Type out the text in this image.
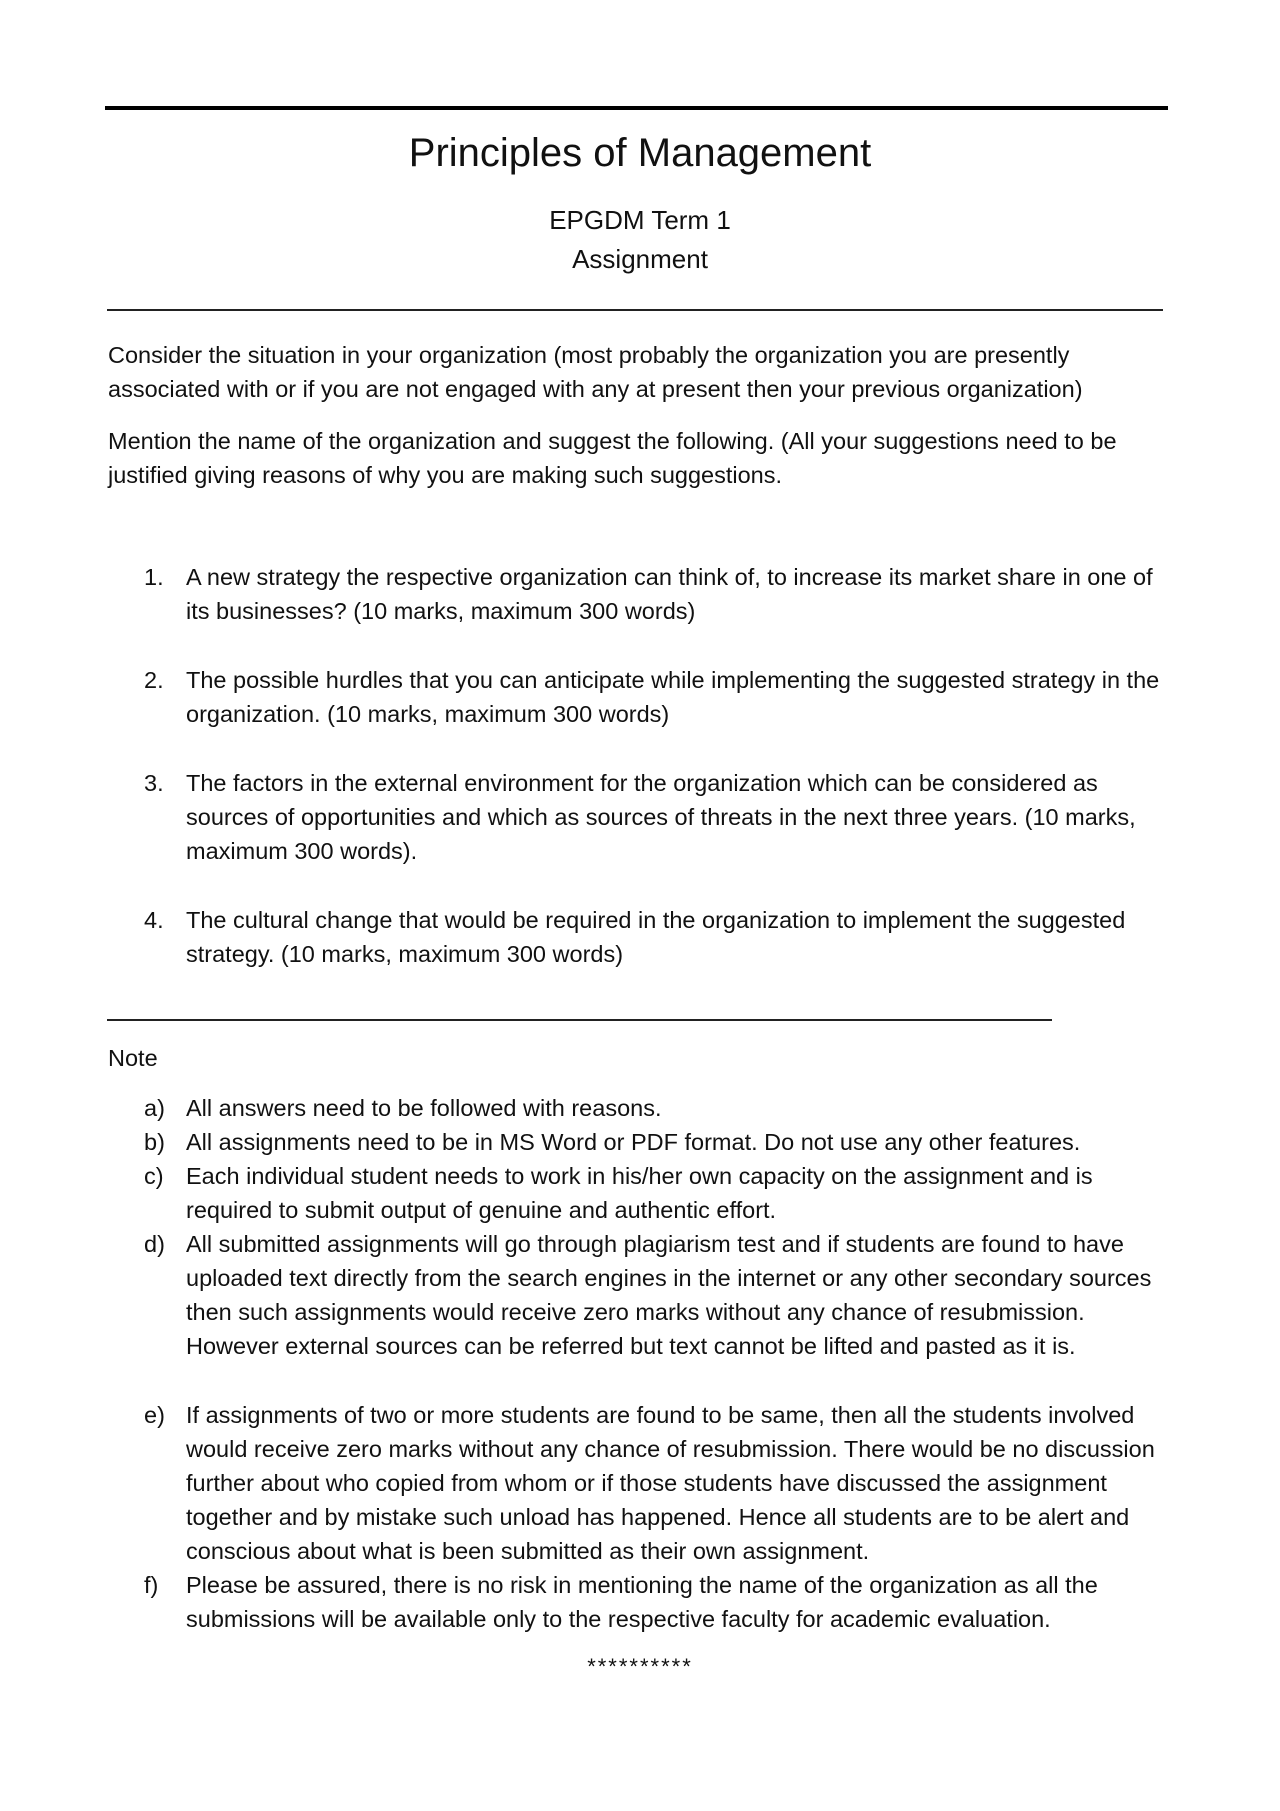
Principles of Management
EPGDM Term 1
Assignment
Consider the situation in your organization (most probably the organization you are presently associated with or if you are not engaged with any at present then your previous organization)
Mention the name of the organization and suggest the following. (All your suggestions need to be justified giving reasons of why you are making such suggestions.
1. A new strategy the respective organization can think of, to increase its market share in one of its businesses? (10 marks, maximum 300 words)
2. The possible hurdles that you can anticipate while implementing the suggested strategy in the organization. (10 marks, maximum 300 words)
3. The factors in the external environment for the organization which can be considered as sources of opportunities and which as sources of threats in the next three years. (10 marks, maximum 300 words).
4. The cultural change that would be required in the organization to implement the suggested strategy. (10 marks, maximum 300 words)
Note
a) All answers need to be followed with reasons.
b) All assignments need to be in MS Word or PDF format. Do not use any other features.
c) Each individual student needs to work in his/her own capacity on the assignment and is required to submit output of genuine and authentic effort.
d) All submitted assignments will go through plagiarism test and if students are found to have uploaded text directly from the search engines in the internet or any other secondary sources then such assignments would receive zero marks without any chance of resubmission. However external sources can be referred but text cannot be lifted and pasted as it is.
e) If assignments of two or more students are found to be same, then all the students involved would receive zero marks without any chance of resubmission. There would be no discussion further about who copied from whom or if those students have discussed the assignment together and by mistake such unload has happened. Hence all students are to be alert and conscious about what is been submitted as their own assignment.
f)	Please be assured, there is no risk in mentioning the name of the organization as all the submissions will be available only to the respective faculty for academic evaluation.
**********
